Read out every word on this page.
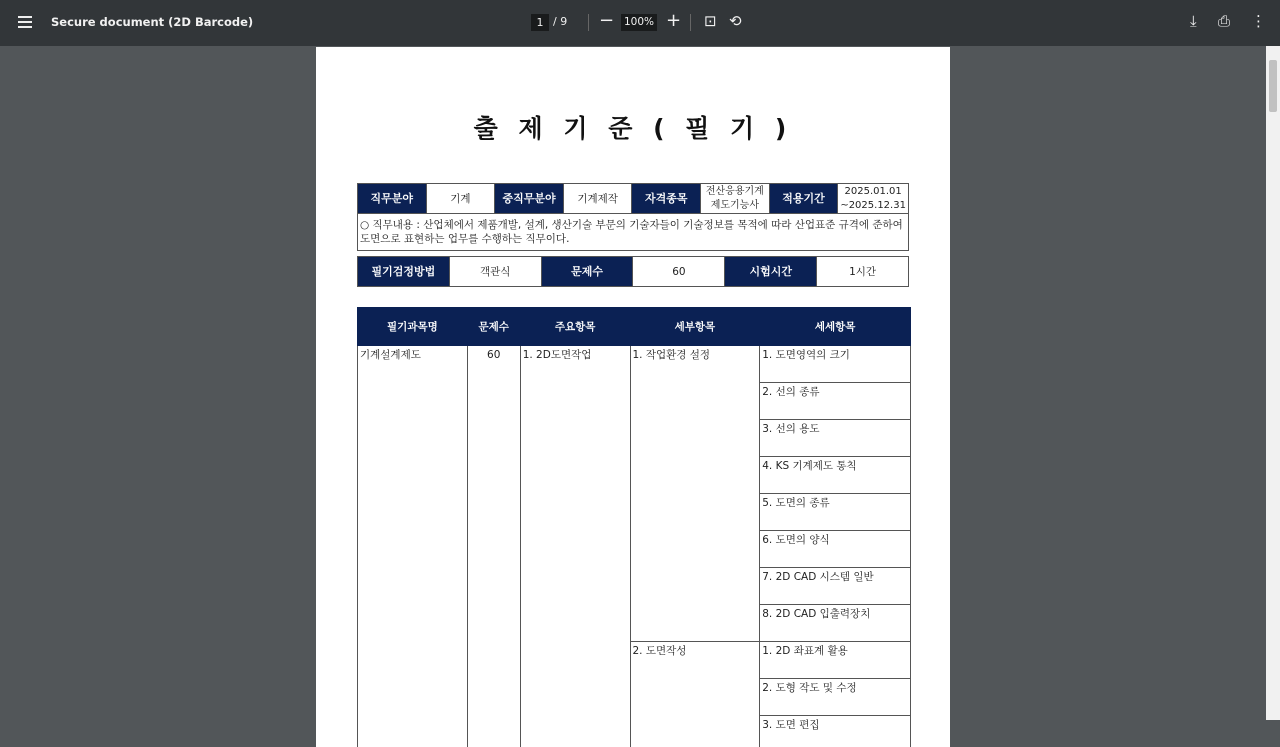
Secure document (2D Barcode)	1 / 9 − 100% + ⊡ ⟲	⤓ ⎙ ⋮
출 제 기 준 ( 필 기 )
직무분야	기계	중직무분야	기계제작	자격종목	전산응용기계제도기능사	적용기간	2025.01.01 ~2025.12.31
○ 직무내용 : 산업체에서 제품개발, 설계, 생산기술 부문의 기술자들이 기술정보를 목적에 따라 산업표준 규격에 준하여 도면으로 표현하는 업무를 수행하는 직무이다.
필기검정방법	객관식	문제수	60	시험시간	1시간
필기과목명	문제수	주요항목	세부항목	세세항목
기계설계제도	60	1. 2D도면작업	1. 작업환경 설정	1. 도면영역의 크기
				2. 선의 종류
				3. 선의 용도
				4. KS 기계제도 통칙
				5. 도면의 종류
				6. 도면의 양식
				7. 2D CAD 시스템 일반
				8. 2D CAD 입출력장치
			2. 도면작성	1. 2D 좌표계 활용
				2. 도형 작도 및 수정
				3. 도면 편집
